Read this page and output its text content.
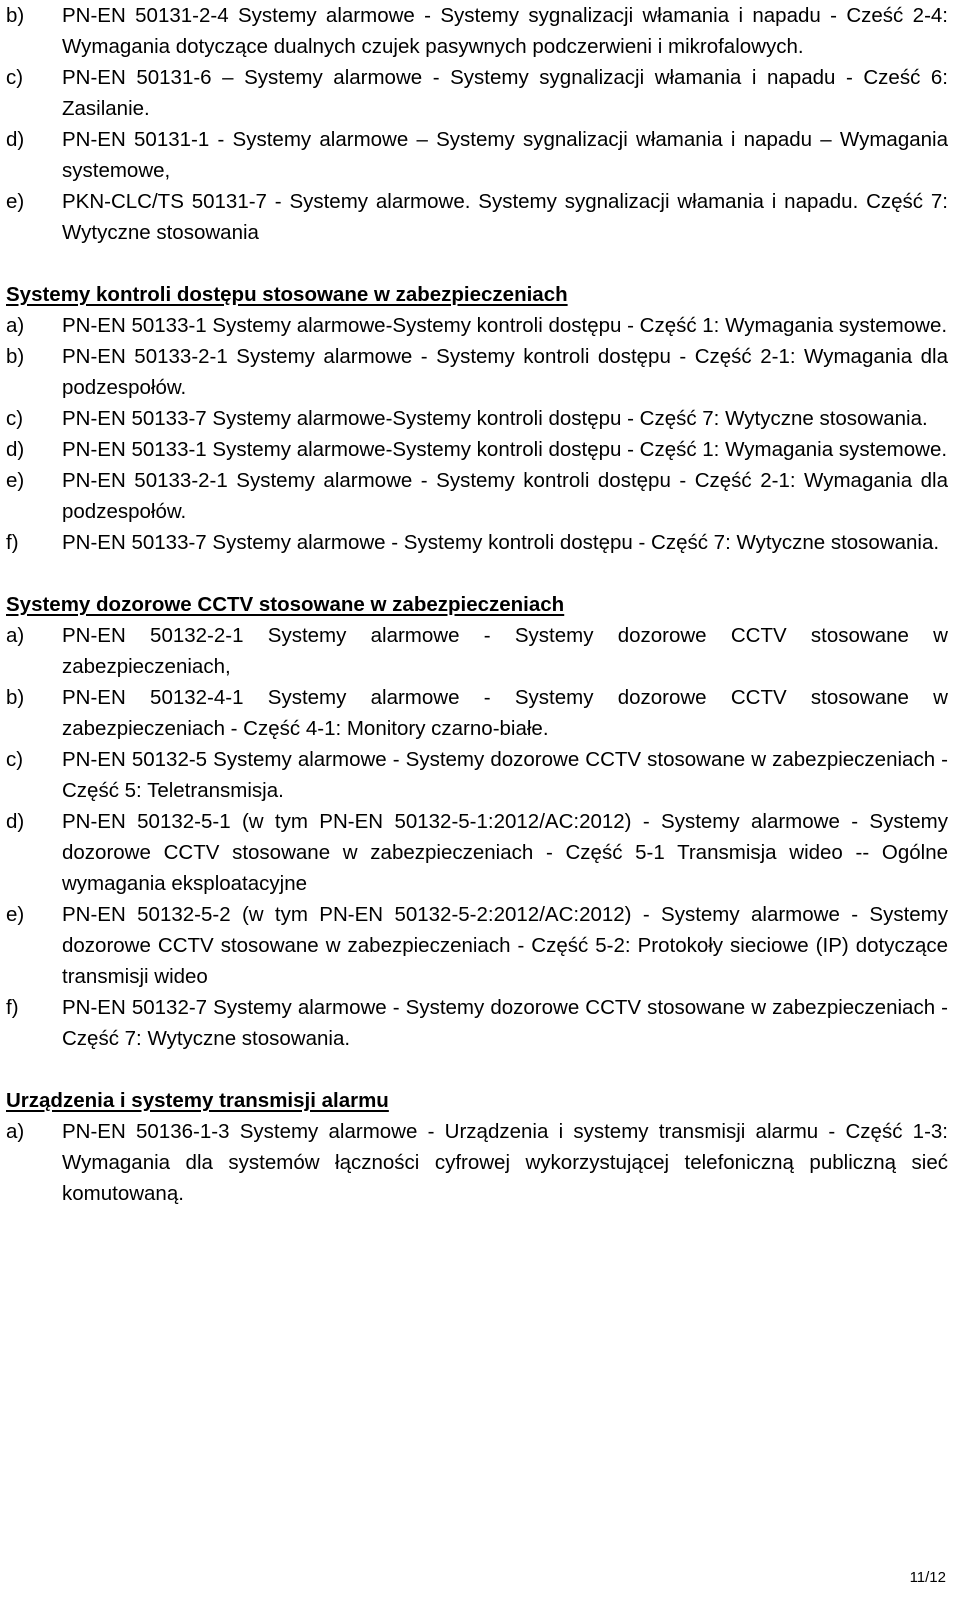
b)	PN-EN 50131-2-4 Systemy alarmowe - Systemy sygnalizacji włamania i napadu - Cześć 2-4: Wymagania dotyczące dualnych czujek pasywnych podczerwieni i mikrofalowych.
c)	PN-EN 50131-6 – Systemy alarmowe - Systemy sygnalizacji włamania i napadu - Cześć 6: Zasilanie.
d)	PN-EN 50131-1 - Systemy alarmowe – Systemy sygnalizacji włamania i napadu – Wymagania systemowe,
e)	PKN-CLC/TS 50131-7 - Systemy alarmowe. Systemy sygnalizacji włamania i napadu. Część 7: Wytyczne stosowania
Systemy kontroli dostępu stosowane w zabezpieczeniach
a)	PN-EN 50133-1 Systemy alarmowe-Systemy kontroli dostępu - Część 1: Wymagania systemowe.
b)	PN-EN 50133-2-1 Systemy alarmowe - Systemy kontroli dostępu - Część 2-1: Wymagania dla podzespołów.
c)	PN-EN 50133-7 Systemy alarmowe-Systemy kontroli dostępu - Część 7: Wytyczne stosowania.
d)	PN-EN 50133-1 Systemy alarmowe-Systemy kontroli dostępu - Część 1: Wymagania systemowe.
e)	PN-EN 50133-2-1 Systemy alarmowe - Systemy kontroli dostępu - Część 2-1: Wymagania dla podzespołów.
f)	PN-EN 50133-7 Systemy alarmowe - Systemy kontroli dostępu - Część 7: Wytyczne stosowania.
Systemy dozorowe CCTV stosowane w zabezpieczeniach
a)	PN-EN 50132-2-1 Systemy alarmowe - Systemy dozorowe CCTV stosowane w zabezpieczeniach,
b)	PN-EN 50132-4-1 Systemy alarmowe - Systemy dozorowe CCTV stosowane w zabezpieczeniach - Część 4-1: Monitory czarno-białe.
c)	PN-EN 50132-5 Systemy alarmowe - Systemy dozorowe CCTV stosowane w zabezpieczeniach - Część 5: Teletransmisja.
d)	PN-EN 50132-5-1 (w tym PN-EN 50132-5-1:2012/AC:2012) - Systemy alarmowe - Systemy dozorowe CCTV stosowane w zabezpieczeniach - Część 5-1 Transmisja wideo -- Ogólne wymagania eksploatacyjne
e)	PN-EN 50132-5-2 (w tym PN-EN 50132-5-2:2012/AC:2012) - Systemy alarmowe - Systemy dozorowe CCTV stosowane w zabezpieczeniach - Część 5-2: Protokoły sieciowe (IP) dotyczące transmisji wideo
f)	PN-EN 50132-7 Systemy alarmowe - Systemy dozorowe CCTV stosowane w zabezpieczeniach - Część 7: Wytyczne stosowania.
Urządzenia i systemy transmisji alarmu
a)	PN-EN 50136-1-3 Systemy alarmowe - Urządzenia i systemy transmisji alarmu - Część 1-3: Wymagania dla systemów łączności cyfrowej wykorzystującej telefoniczną publiczną sieć komutowaną.
11/12
